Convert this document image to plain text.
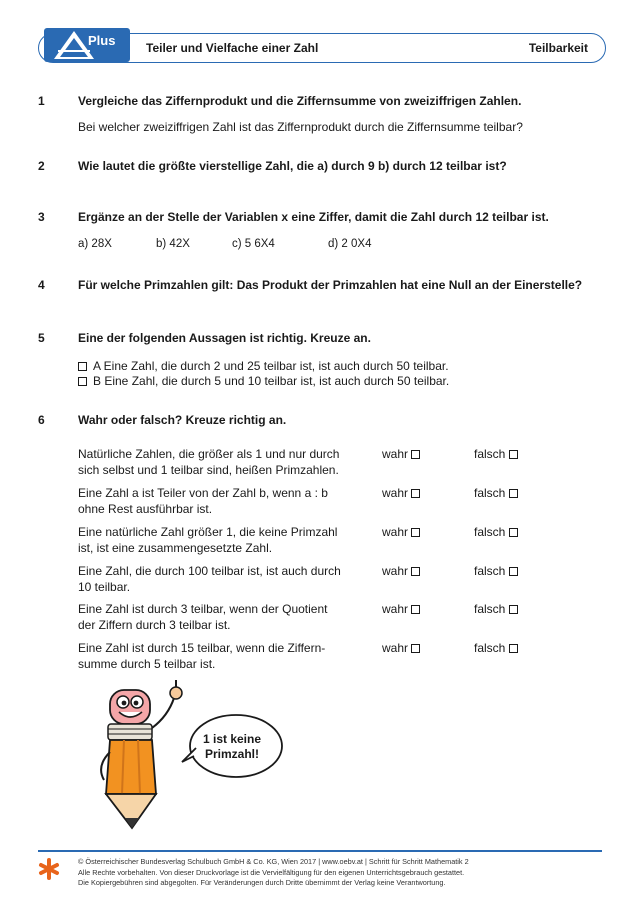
Plus	Teiler und Vielfache einer Zahl	Teilbarkeit
1	Vergleiche das Ziffernprodukt und die Ziffernsumme von zweiziffrigen Zahlen.
Bei welcher zweiziffrigen Zahl ist das Ziffernprodukt durch die Ziffernsumme teilbar?
2	Wie lautet die größte vierstellige Zahl, die a) durch 9 b) durch 12 teilbar ist?
3	Ergänze an der Stelle der Variablen x eine Ziffer, damit die Zahl durch 12 teilbar ist.
a) 28X	b) 42X	c) 5 6X4	d) 2 0X4
4	Für welche Primzahlen gilt: Das Produkt der Primzahlen hat eine Null an der Einerstelle?
5	Eine der folgenden Aussagen ist richtig. Kreuze an.
A Eine Zahl, die durch 2 und 25 teilbar ist, ist auch durch 50 teilbar.
B Eine Zahl, die durch 5 und 10 teilbar ist, ist auch durch 50 teilbar.
6	Wahr oder falsch? Kreuze richtig an.
Natürliche Zahlen, die größer als 1 und nur durch
sich selbst und 1 teilbar sind, heißen Primzahlen.
wahr	falsch
Eine Zahl a ist Teiler von der Zahl b, wenn a : b
ohne Rest ausführbar ist.
wahr	falsch
Eine natürliche Zahl größer 1, die keine Primzahl
ist, ist eine zusammengesetzte Zahl.
wahr	falsch
Eine Zahl, die durch 100 teilbar ist, ist auch durch
10 teilbar.
wahr	falsch
Eine Zahl ist durch 3 teilbar, wenn der Quotient
der Ziffern durch 3 teilbar ist.
wahr	falsch
Eine Zahl ist durch 15 teilbar, wenn die Ziffern-
summe durch 5 teilbar ist.
wahr	falsch
1 ist keine
Primzahl!
© Österreichischer Bundesverlag Schulbuch GmbH & Co. KG, Wien 2017 | www.oebv.at | Schritt für Schritt Mathematik 2
Alle Rechte vorbehalten. Von dieser Druckvorlage ist die Vervielfältigung für den eigenen Unterrichtsgebrauch gestattet.
Die Kopiergebühren sind abgegolten. Für Veränderungen durch Dritte übernimmt der Verlag keine Verantwortung.
